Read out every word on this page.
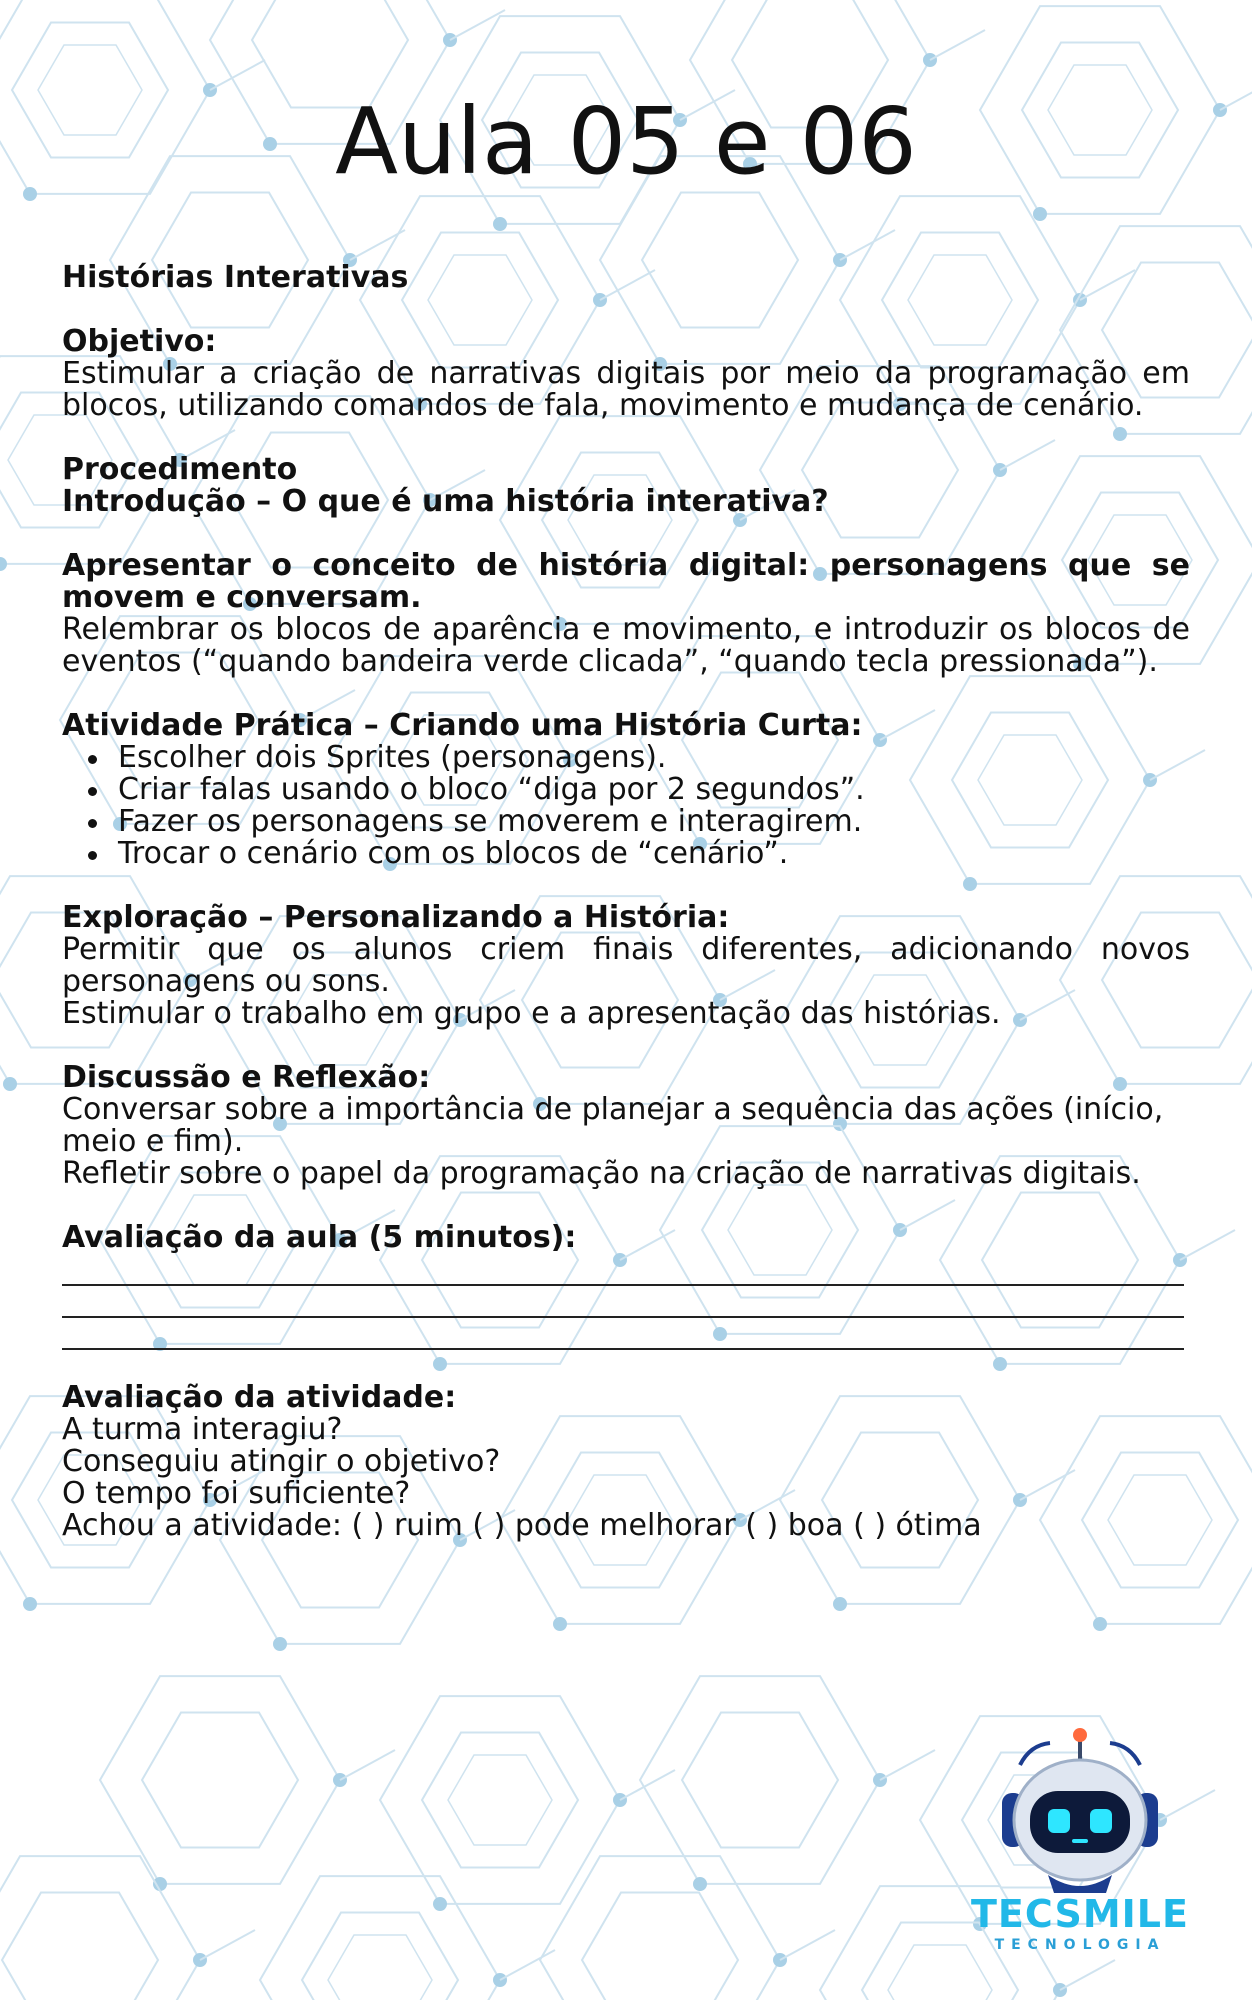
Aula 05 e 06
Histórias Interativas
Objetivo:
Estimular a criação de narrativas digitais por meio da programação em blocos, utilizando comandos de fala, movimento e mudança de cenário.
Procedimento
Introdução – O que é uma história interativa?
Apresentar o conceito de história digital: personagens que se movem e conversam.
Relembrar os blocos de aparência e movimento, e introduzir os blocos de eventos (“quando bandeira verde clicada”, “quando tecla pressionada”).
Atividade Prática – Criando uma História Curta:
Escolher dois Sprites (personagens).
Criar falas usando o bloco “diga por 2 segundos”.
Fazer os personagens se moverem e interagirem.
Trocar o cenário com os blocos de “cenário”.
Exploração – Personalizando a História:
Permitir que os alunos criem finais diferentes, adicionando novos personagens ou sons.
Estimular o trabalho em grupo e a apresentação das histórias.
Discussão e Reflexão:
Conversar sobre a importância de planejar a sequência das ações (início, meio e fim).
Refletir sobre o papel da programação na criação de narrativas digitais.
Avaliação da aula (5 minutos):
Avaliação da atividade:
A turma interagiu?
Conseguiu atingir o objetivo?
O tempo foi suficiente?
Achou a atividade: ( ) ruim ( ) pode melhorar ( ) boa ( ) ótima
TECSMILE
TECNOLOGIA
